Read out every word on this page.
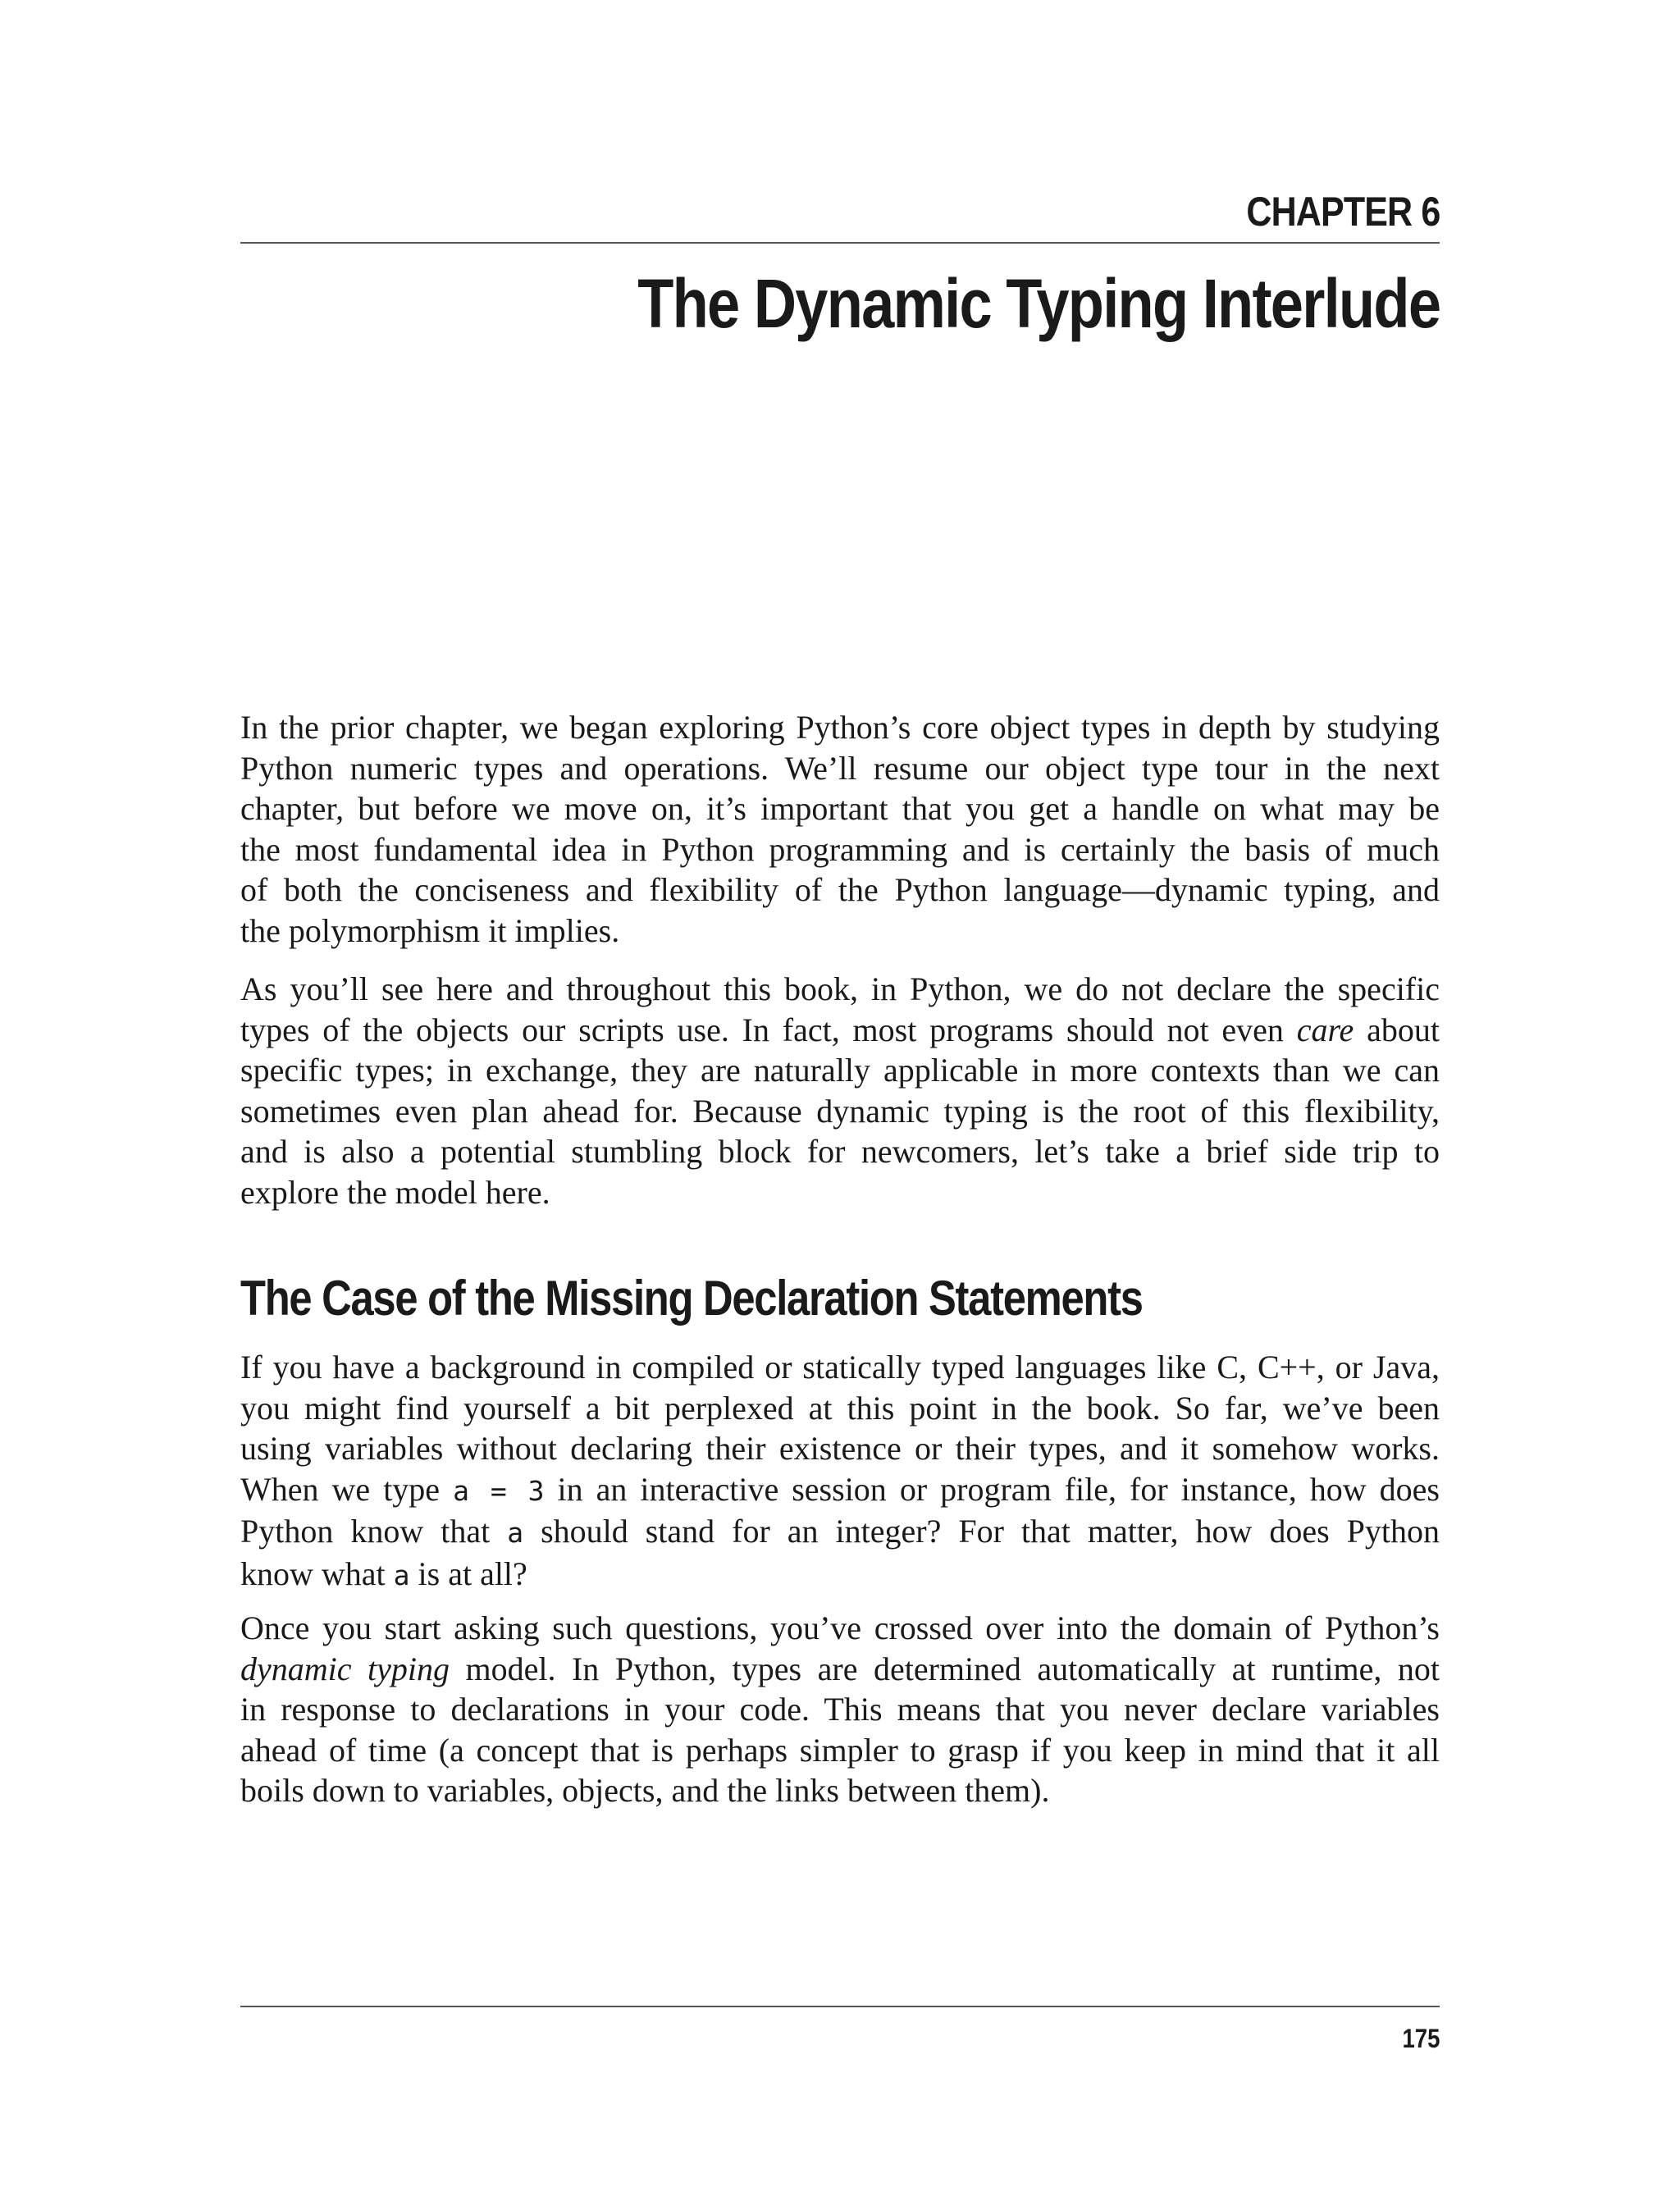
CHAPTER 6
The Dynamic Typing Interlude

In the prior chapter, we began exploring Python’s core object types in depth by studying
Python numeric types and operations. We’ll resume our object type tour in the next
chapter, but before we move on, it’s important that you get a handle on what may be
the most fundamental idea in Python programming and is certainly the basis of much
of both the conciseness and flexibility of the Python language—dynamic typing, and
the polymorphism it implies.

As you’ll see here and throughout this book, in Python, we do not declare the specific
types of the objects our scripts use. In fact, most programs should not even care about
specific types; in exchange, they are naturally applicable in more contexts than we can
sometimes even plan ahead for. Because dynamic typing is the root of this flexibility,
and is also a potential stumbling block for newcomers, let’s take a brief side trip to
explore the model here.

The Case of the Missing Declaration Statements

If you have a background in compiled or statically typed languages like C, C++, or Java,
you might find yourself a bit perplexed at this point in the book. So far, we’ve been
using variables without declaring their existence or their types, and it somehow works.
When we type a = 3 in an interactive session or program file, for instance, how does
Python know that a should stand for an integer? For that matter, how does Python
know what a is at all?

Once you start asking such questions, you’ve crossed over into the domain of Python’s
dynamic typing model. In Python, types are determined automatically at runtime, not
in response to declarations in your code. This means that you never declare variables
ahead of time (a concept that is perhaps simpler to grasp if you keep in mind that it all
boils down to variables, objects, and the links between them).

175
